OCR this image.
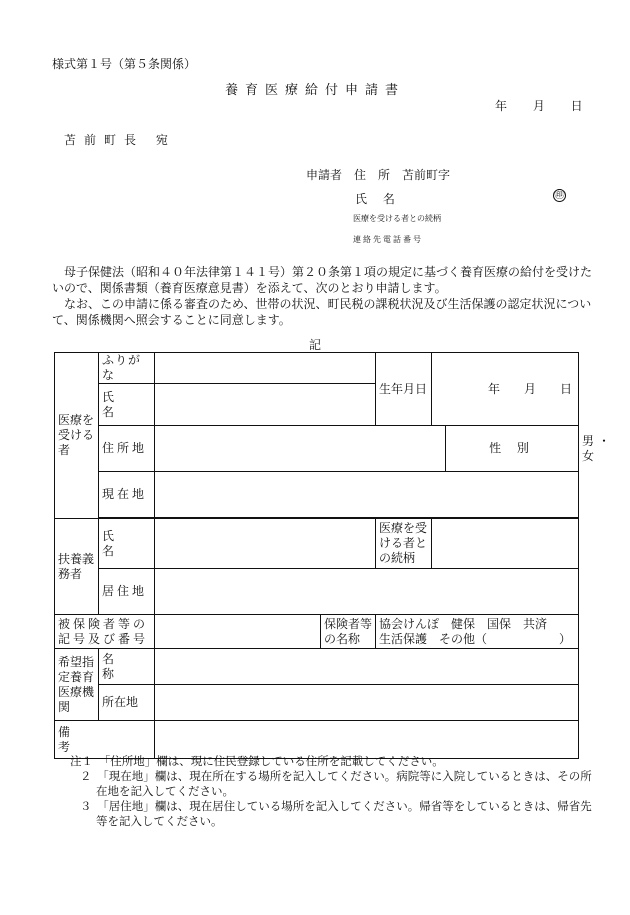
様式第１号（第５条関係）
養育医療給付申請書
年 月 日
苫前町長 宛
申請者　住　所　苫前町字
氏 名	㊞
医療を受ける者との続柄
連絡先電話番号
母子保健法（昭和４０年法律第１４１号）第２０条第１項の規定に基づく養育医療の給付を受けたいので、関係書類（養育医療意見書）を添えて、次のとおり申請します。
なお、この申請に係る審査のため、世帯の状況、町民税の課税状況及び生活保護の認定状況について、関係機関へ照会することに同意します。
記
医療を受ける者	ふりがな			生年月日	年　　月　　日		
	氏 名						
	住所地					性 別	男・女
	現在地						

扶養義務者	氏 名			医療を受ける者との続柄			
	居住地						
被保険者等の記号及び番号			保険者等の名称	協会けんぽ　健保　国保　共済
生活保護　その他（　　　　　　）			

希望指定養育医療機関	名 称						
	所在地						
備 考							
注１　「住所地」欄は、現に住民登録している住所を記載してください。
２　「現在地」欄は、現在所在する場所を記入してください。病院等に入院しているときは、その所在地を記入してください。
３　「居住地」欄は、現在居住している場所を記入してください。帰省等をしているときは、帰省先等を記入してください。
